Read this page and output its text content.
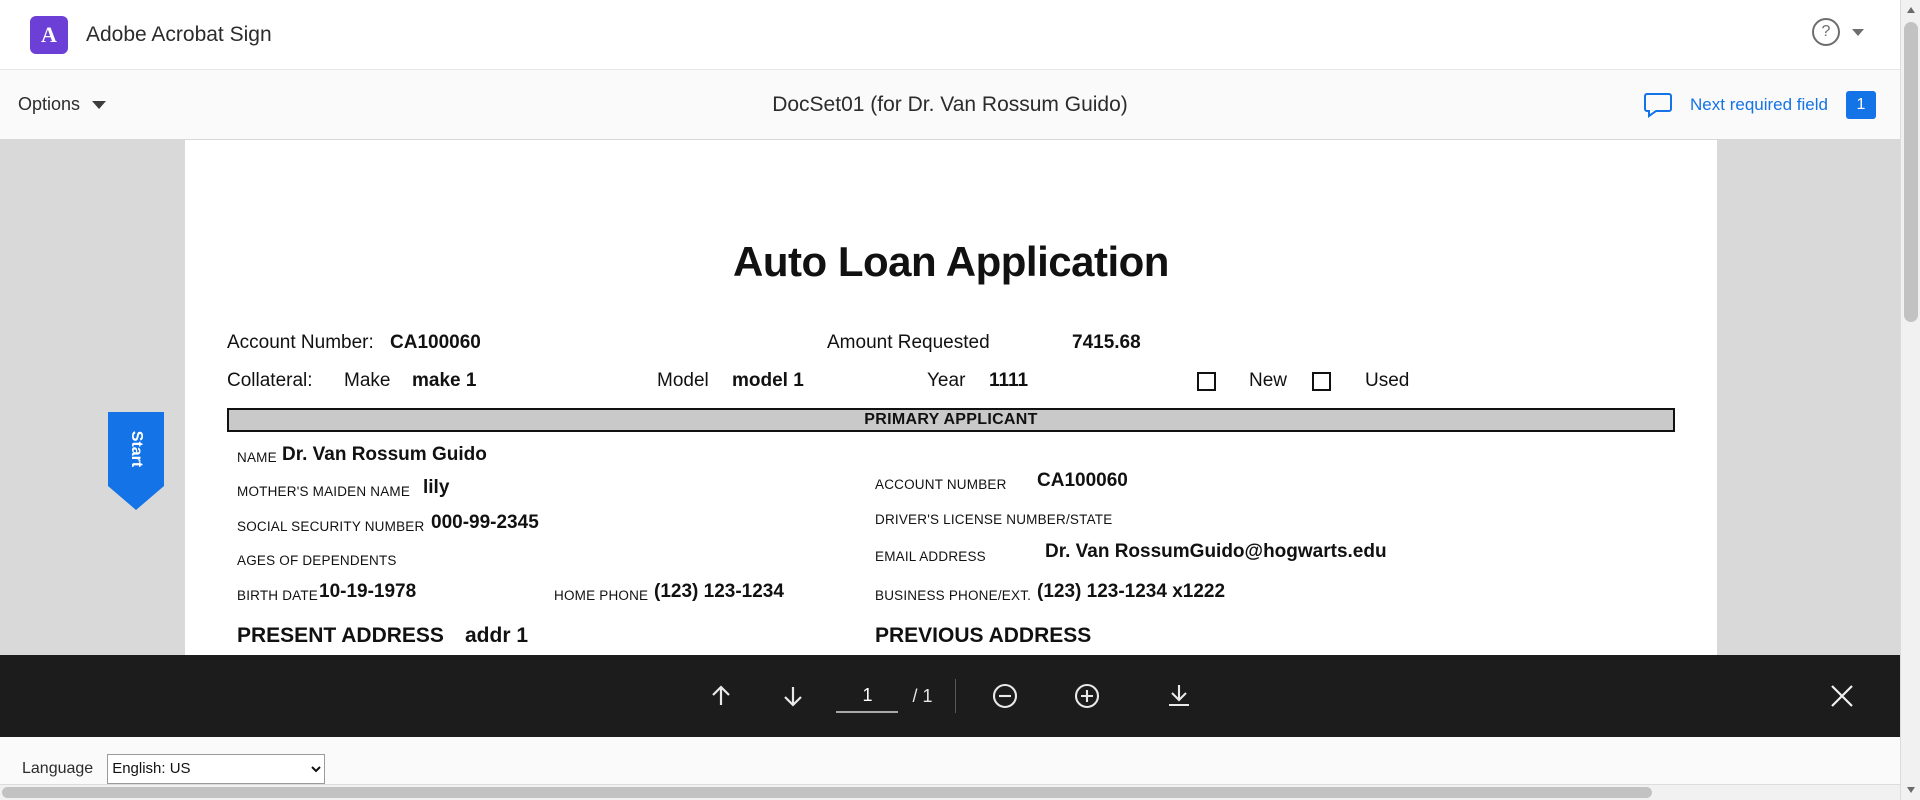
A	Adobe Acrobat Sign	?
Options	DocSet01 (for Dr. Van Rossum Guido)	Next required field	1
Start
Auto Loan Application
Account Number: CA100060	Amount Requested	7415.68
Collateral: Make make 1	Model model 1	Year 1111	New	Used
PRIMARY APPLICANT
NAME Dr. Van Rossum Guido
MOTHER'S MAIDEN NAME lily
SOCIAL SECURITY NUMBER 000-99-2345
AGES OF DEPENDENTS
BIRTH DATE 10-19-1978	HOME PHONE (123) 123-1234
ACCOUNT NUMBER CA100060
DRIVER'S LICENSE NUMBER/STATE
EMAIL ADDRESS	Dr. Van RossumGuido@hogwarts.edu
BUSINESS PHONE/EXT. (123) 123-1234 x1222
PRESENT ADDRESS addr 1	PREVIOUS ADDRESS
1
/ 1
Language
English: US
